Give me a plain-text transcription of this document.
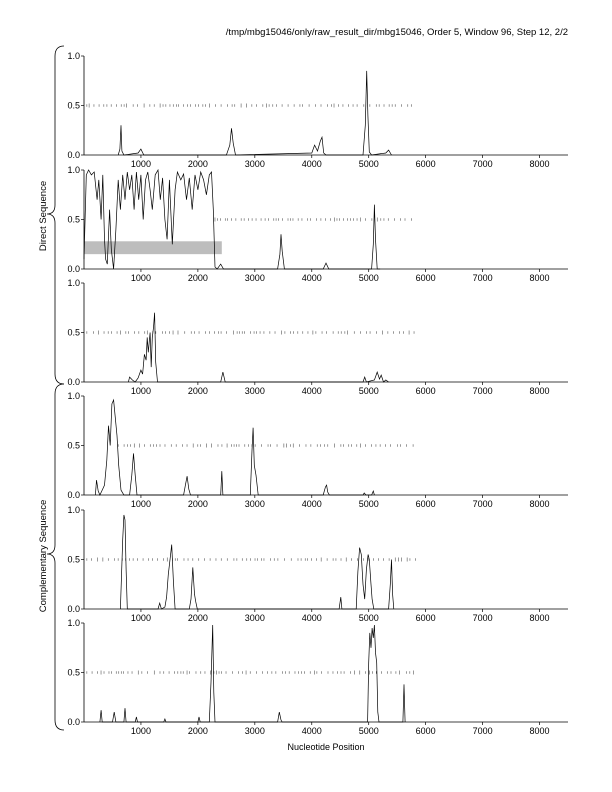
/tmp/mbg15046/only/raw_result_dir/mbg15046, Order 5, Window 96, Step 12, 2/2
0.0
0.5
1.0
1000	2000	3000	4000	5000	6000	7000	8000
0.0
0.5
1.0
1000	2000	3000	4000	5000	6000	7000	8000
0.0
0.5
1.0
1000	2000	3000	4000	5000	6000	7000	8000
0.0
0.5
1.0
1000	2000	3000	4000	5000	6000	7000	8000
0.0
0.5
1.0
1000	2000	3000	4000	5000	6000	7000	8000
0.0
0.5
1.0
1000	2000	3000	4000	5000	6000	7000	8000
Nucleotide Position
Direct Sequence
Complementary Sequence
